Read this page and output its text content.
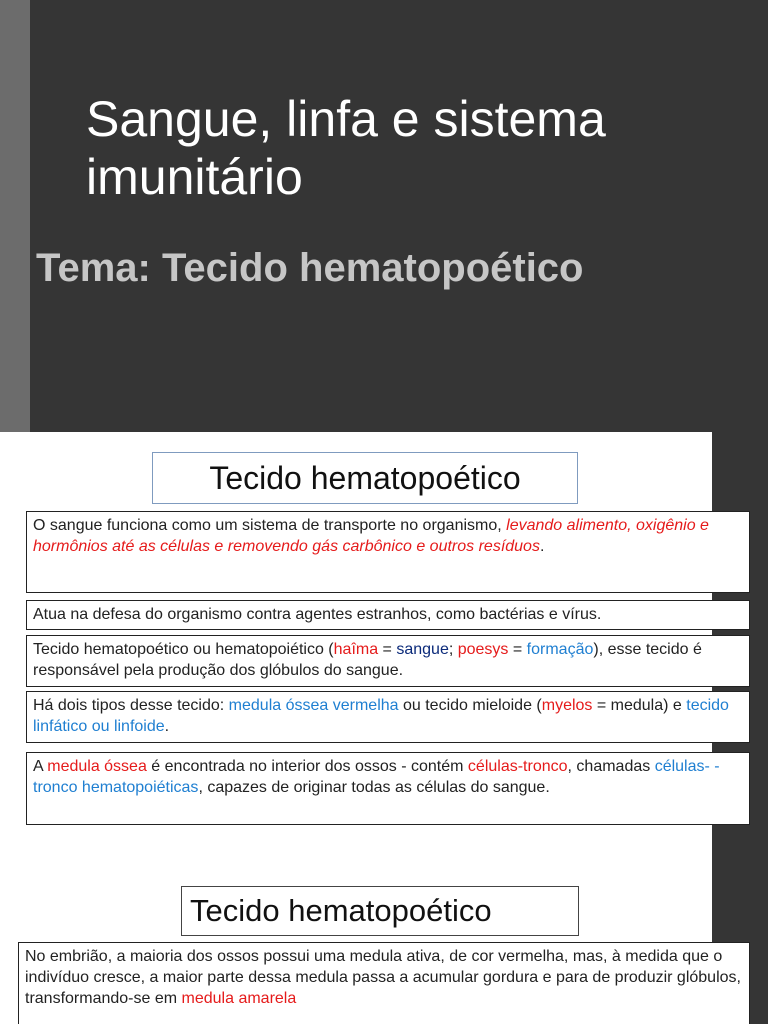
Sangue, linfa e sistema imunitário
Tema: Tecido hematopoético
Tecido hematopoético
O sangue funciona como um sistema de transporte no organismo, levando alimento, oxigênio e hormônios até as células e removendo gás carbônico e outros resíduos.
Atua na defesa do organismo contra agentes estranhos, como bactérias e vírus.
Tecido hematopoético ou hematopoiético (haîma = sangue; poesys = formação), esse tecido é responsável pela produção dos glóbulos do sangue.
Há dois tipos desse tecido: medula óssea vermelha ou tecido mieloide (myelos = medula) e tecido linfático ou linfoide.
A medula óssea é encontrada no interior dos ossos - contém células-tronco, chamadas células- -tronco hematopoiéticas, capazes de originar todas as células do sangue.
Tecido hematopoético
No embrião, a maioria dos ossos possui uma medula ativa, de cor vermelha, mas, à medida que o indivíduo cresce, a maior parte dessa medula passa a acumular gordura e para de produzir glóbulos, transformando-se em medula amarela
